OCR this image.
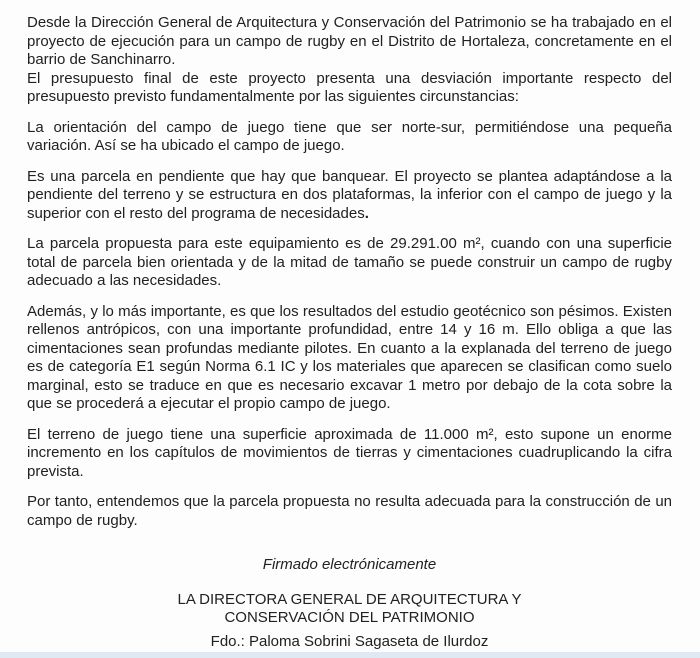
Desde la Dirección General de Arquitectura y Conservación del Patrimonio se ha trabajado en el proyecto de ejecución para un campo de rugby en el Distrito de Hortaleza, concretamente en el barrio de Sanchinarro.

El presupuesto final de este proyecto presenta una desviación importante respecto del presupuesto previsto fundamentalmente por las siguientes circunstancias:

La orientación del campo de juego tiene que ser norte-sur, permitiéndose una pequeña variación. Así se ha ubicado el campo de juego.

Es una parcela en pendiente que hay que banquear. El proyecto se plantea adaptándose a la pendiente del terreno y se estructura en dos plataformas, la inferior con el campo de juego y la superior con el resto del programa de necesidades.

La parcela propuesta para este equipamiento es de 29.291.00 m², cuando con una superficie total de parcela bien orientada y de la mitad de tamaño se puede construir un campo de rugby adecuado a las necesidades.

Además, y lo más importante, es que los resultados del estudio geotécnico son pésimos. Existen rellenos antrópicos, con una importante profundidad, entre 14 y 16 m. Ello obliga a que las cimentaciones sean profundas mediante pilotes. En cuanto a la explanada del terreno de juego es de categoría E1 según Norma 6.1 IC y los materiales que aparecen se clasifican como suelo marginal, esto se traduce en que es necesario excavar 1 metro por debajo de la cota sobre la que se procederá a ejecutar el propio campo de juego.

El terreno de juego tiene una superficie aproximada de 11.000 m², esto supone un enorme incremento en los capítulos de movimientos de tierras y cimentaciones cuadruplicando la cifra prevista.

Por tanto, entendemos que la parcela propuesta no resulta adecuada para la construcción de un campo de rugby.

Firmado electrónicamente
LA DIRECTORA GENERAL DE ARQUITECTURA Y
CONSERVACIÓN DEL PATRIMONIO
Fdo.: Paloma Sobrini Sagaseta de Ilurdoz
